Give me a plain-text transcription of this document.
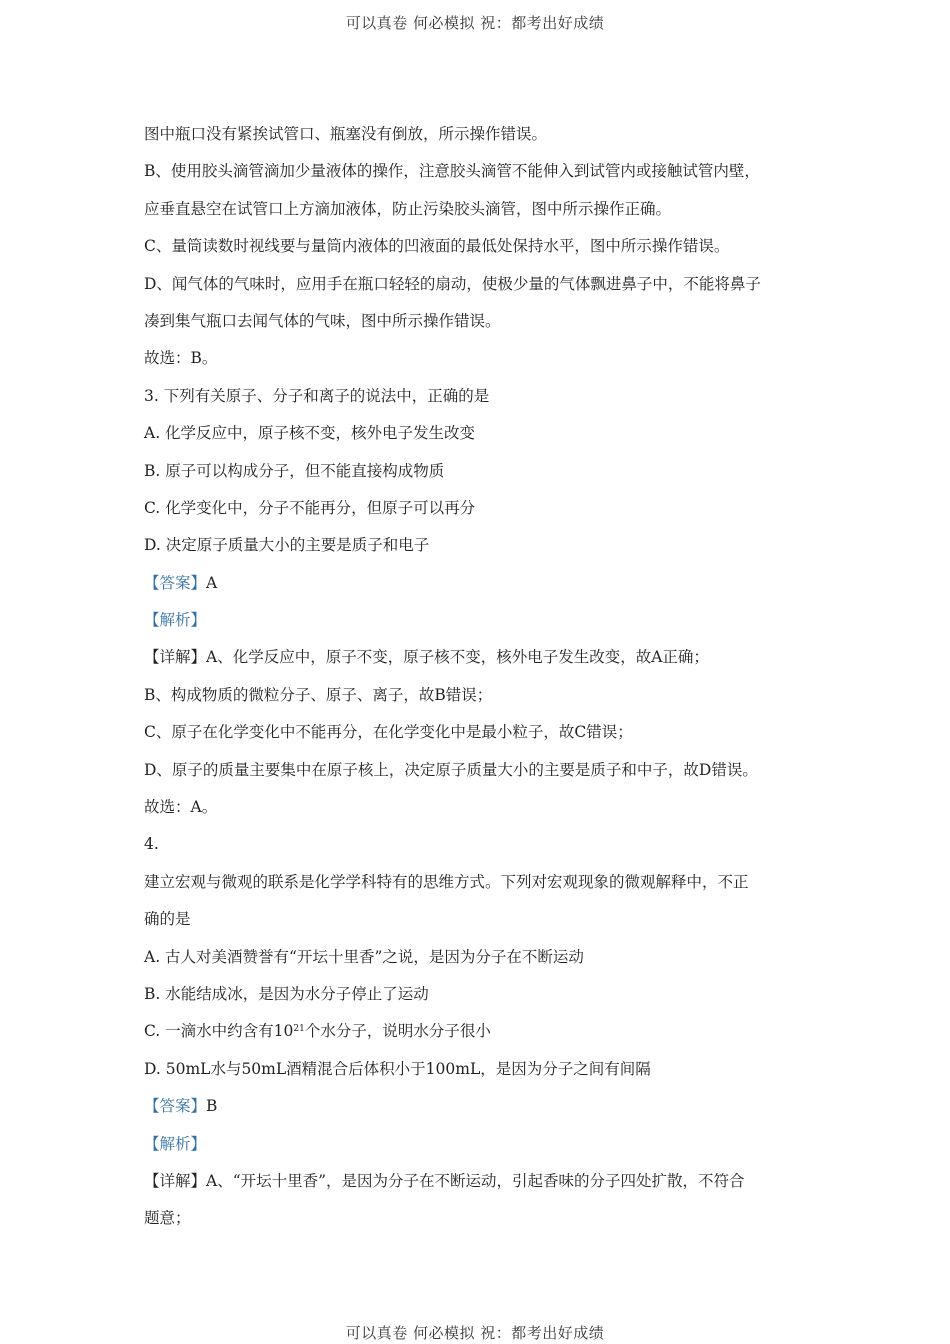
可以真卷 何必模拟 祝：都考出好成绩
图中瓶口没有紧挨试管口、瓶塞没有倒放，所示操作错误。
B、使用胶头滴管滴加少量液体的操作，注意胶头滴管不能伸入到试管内或接触试管内壁，
应垂直悬空在试管口上方滴加液体，防止污染胶头滴管，图中所示操作正确。
C、量筒读数时视线要与量筒内液体的凹液面的最低处保持水平，图中所示操作错误。
D、闻气体的气味时，应用手在瓶口轻轻的扇动，使极少量的气体飘进鼻子中，不能将鼻子
凑到集气瓶口去闻气体的气味，图中所示操作错误。
故选：B。
3. 下列有关原子、分子和离子的说法中，正确的是
A. 化学反应中，原子核不变，核外电子发生改变
B. 原子可以构成分子，但不能直接构成物质
C. 化学变化中，分子不能再分，但原子可以再分
D. 决定原子质量大小的主要是质子和电子
【答案】A
【解析】
【详解】A、化学反应中，原子不变，原子核不变，核外电子发生改变，故A正确；
B、构成物质的微粒分子、原子、离子，故B错误；
C、原子在化学变化中不能再分，在化学变化中是最小粒子，故C错误；
D、原子的质量主要集中在原子核上，决定原子质量大小的主要是质子和中子，故D错误。
故选：A。
4.
建立宏观与微观的联系是化学学科特有的思维方式。下列对宏观现象的微观解释中，不正
确的是
A. 古人对美酒赞誉有“开坛十里香”之说，是因为分子在不断运动
B. 水能结成冰，是因为水分子停止了运动
C. 一滴水中约含有$10^{21}$个水分子，说明水分子很小
D. 50mL水与50mL酒精混合后体积小于100mL，是因为分子之间有间隔
【答案】B
【解析】
【详解】A、“开坛十里香”，是因为分子在不断运动，引起香味的分子四处扩散，不符合
题意；
可以真卷 何必模拟 祝：都考出好成绩
